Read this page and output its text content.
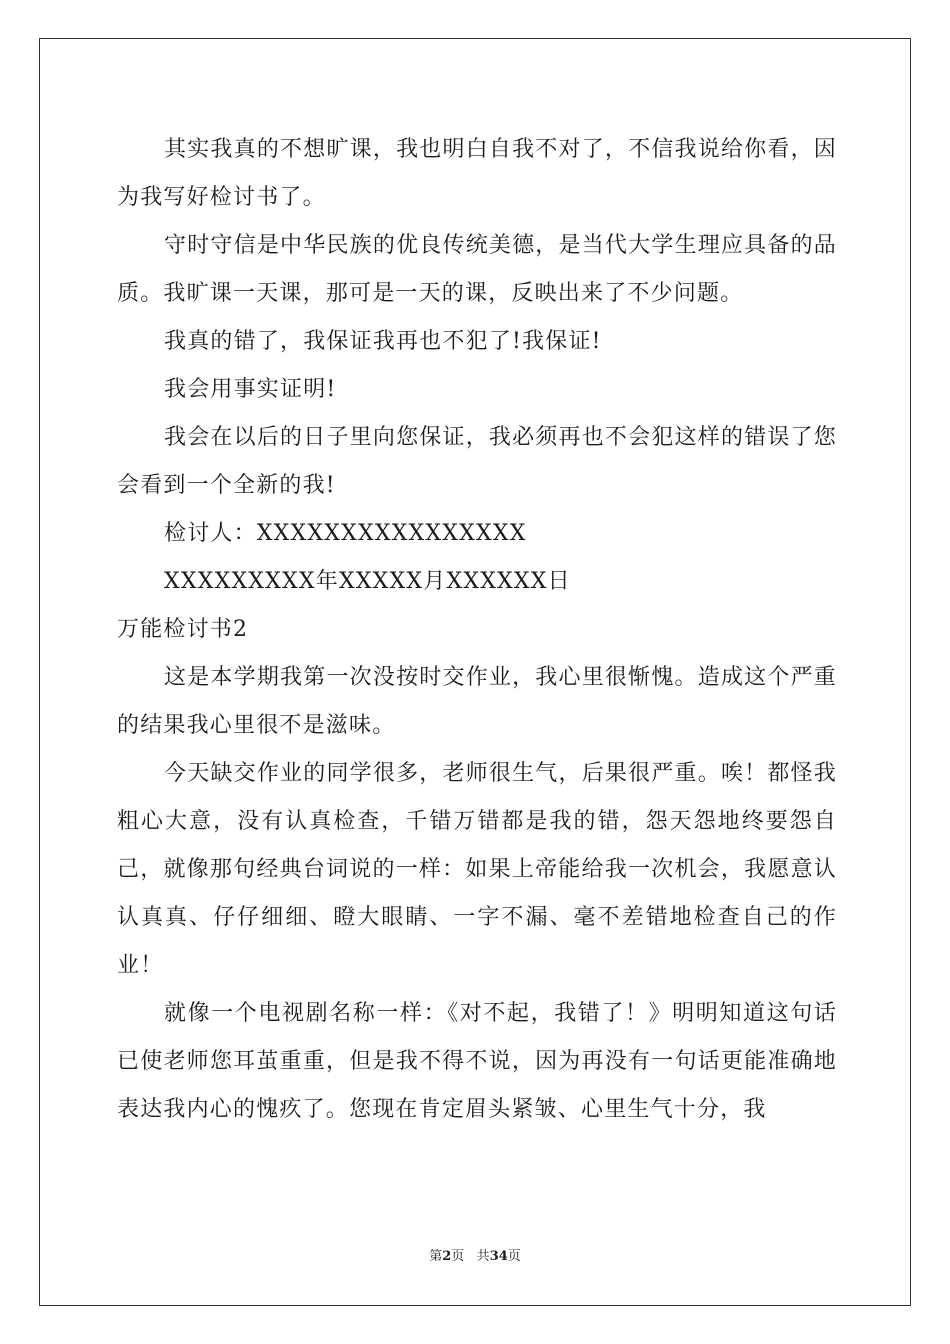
其实我真的不想旷课，我也明白自我不对了，不信我说给你看，因为我写好检讨书了。

守时守信是中华民族的优良传统美德，是当代大学生理应具备的品质。我旷课一天课，那可是一天的课，反映出来了不少问题。

我真的错了，我保证我再也不犯了!我保证!

我会用事实证明!

我会在以后的日子里向您保证，我必须再也不会犯这样的错误了您会看到一个全新的我!

检讨人：XXXXXXXXXXXXXXXX

XXXXXXXXX年XXXXX月XXXXXX日

万能检讨书2

这是本学期我第一次没按时交作业，我心里很惭愧。造成这个严重的结果我心里很不是滋味。

今天缺交作业的同学很多，老师很生气，后果很严重。唉！都怪我粗心大意，没有认真检查，千错万错都是我的错，怨天怨地终要怨自己，就像那句经典台词说的一样：如果上帝能给我一次机会，我愿意认认真真、仔仔细细、瞪大眼睛、一字不漏、毫不差错地检查自己的作业！

就像一个电视剧名称一样：《对不起，我错了！》明明知道这句话已使老师您耳茧重重，但是我不得不说，因为再没有一句话更能准确地表达我内心的愧疚了。您现在肯定眉头紧皱、心里生气十分，我

第2页 共34页
